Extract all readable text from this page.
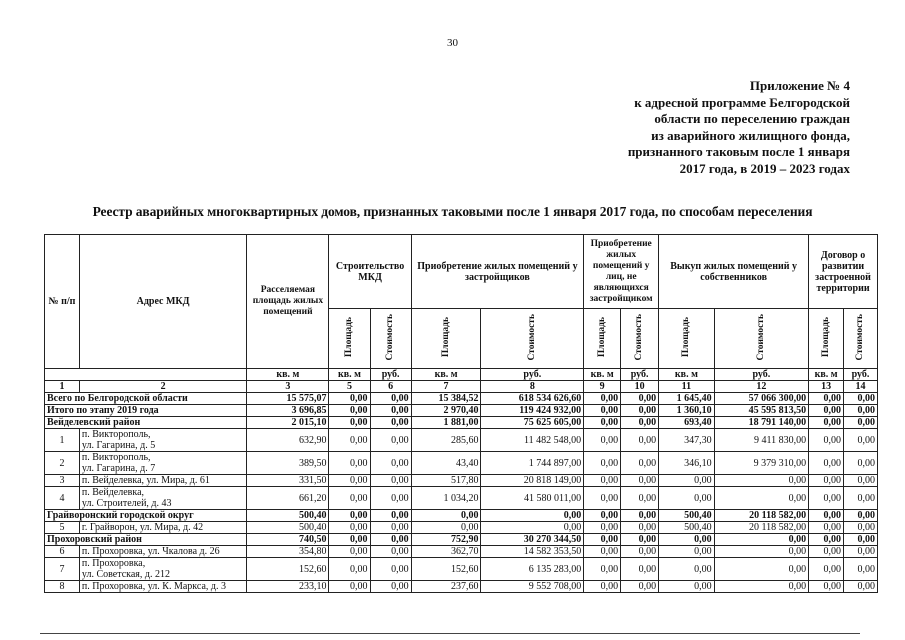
30
Приложение № 4
к адресной программе Белгородской
области по переселению граждан
из аварийного жилищного фонда,
признанного таковым после 1 января
2017 года, в 2019 – 2023 годах
Реестр аварийных многоквартирных домов, признанных таковыми после 1 января 2017 года, по способам переселения
№ п/п	Адрес МКД	Расселяемая площадь жилых помещений	Строительство МКД		Приобретение жилых помещений у застройщиков		Приобретение жилых помещений у лиц, не являющихся застройщиком		Выкуп жилых помещений у собственников		Договор о развитии застроенной территории	
			Площадь	Стоимость	Площадь	Стоимость	Площадь	Стоимость	Площадь	Стоимость	Площадь	Стоимость
		кв. м	кв. м	руб.	кв. м	руб.	кв. м	руб.	кв. м	руб.	кв. м	руб.
1	2	3	5	6	7	8	9	10	11	12	13	14
Всего по Белгородской области		15 575,07	0,00	0,00	15 384,52	618 534 626,60	0,00	0,00	1 645,40	57 066 300,00	0,00	0,00
Итого по этапу 2019 года		3 696,85	0,00	0,00	2 970,40	119 424 932,00	0,00	0,00	1 360,10	45 595 813,50	0,00	0,00
Вейделевский район		2 015,10	0,00	0,00	1 881,00	75 625 605,00	0,00	0,00	693,40	18 791 140,00	0,00	0,00
1	п. Викторополь,
ул. Гагарина, д. 5	632,90	0,00	0,00	285,60	11 482 548,00	0,00	0,00	347,30	9 411 830,00	0,00	0,00
2	п. Викторополь,
ул. Гагарина, д. 7	389,50	0,00	0,00	43,40	1 744 897,00	0,00	0,00	346,10	9 379 310,00	0,00	0,00
3	п. Вейделевка, ул. Мира, д. 61	331,50	0,00	0,00	517,80	20 818 149,00	0,00	0,00	0,00	0,00	0,00	0,00
4	п. Вейделевка,
ул. Строителей, д. 43	661,20	0,00	0,00	1 034,20	41 580 011,00	0,00	0,00	0,00	0,00	0,00	0,00
Грайворонский городской округ		500,40	0,00	0,00	0,00	0,00	0,00	0,00	500,40	20 118 582,00	0,00	0,00
5	г. Грайворон, ул. Мира, д. 42	500,40	0,00	0,00	0,00	0,00	0,00	0,00	500,40	20 118 582,00	0,00	0,00
Прохоровский район		740,50	0,00	0,00	752,90	30 270 344,50	0,00	0,00	0,00	0,00	0,00	0,00
6	п. Прохоровка, ул. Чкалова д. 26	354,80	0,00	0,00	362,70	14 582 353,50	0,00	0,00	0,00	0,00	0,00	0,00
7	п. Прохоровка,
ул. Советская, д. 212	152,60	0,00	0,00	152,60	6 135 283,00	0,00	0,00	0,00	0,00	0,00	0,00
8	п. Прохоровка, ул. К. Маркса, д. 3	233,10	0,00	0,00	237,60	9 552 708,00	0,00	0,00	0,00	0,00	0,00	0,00
